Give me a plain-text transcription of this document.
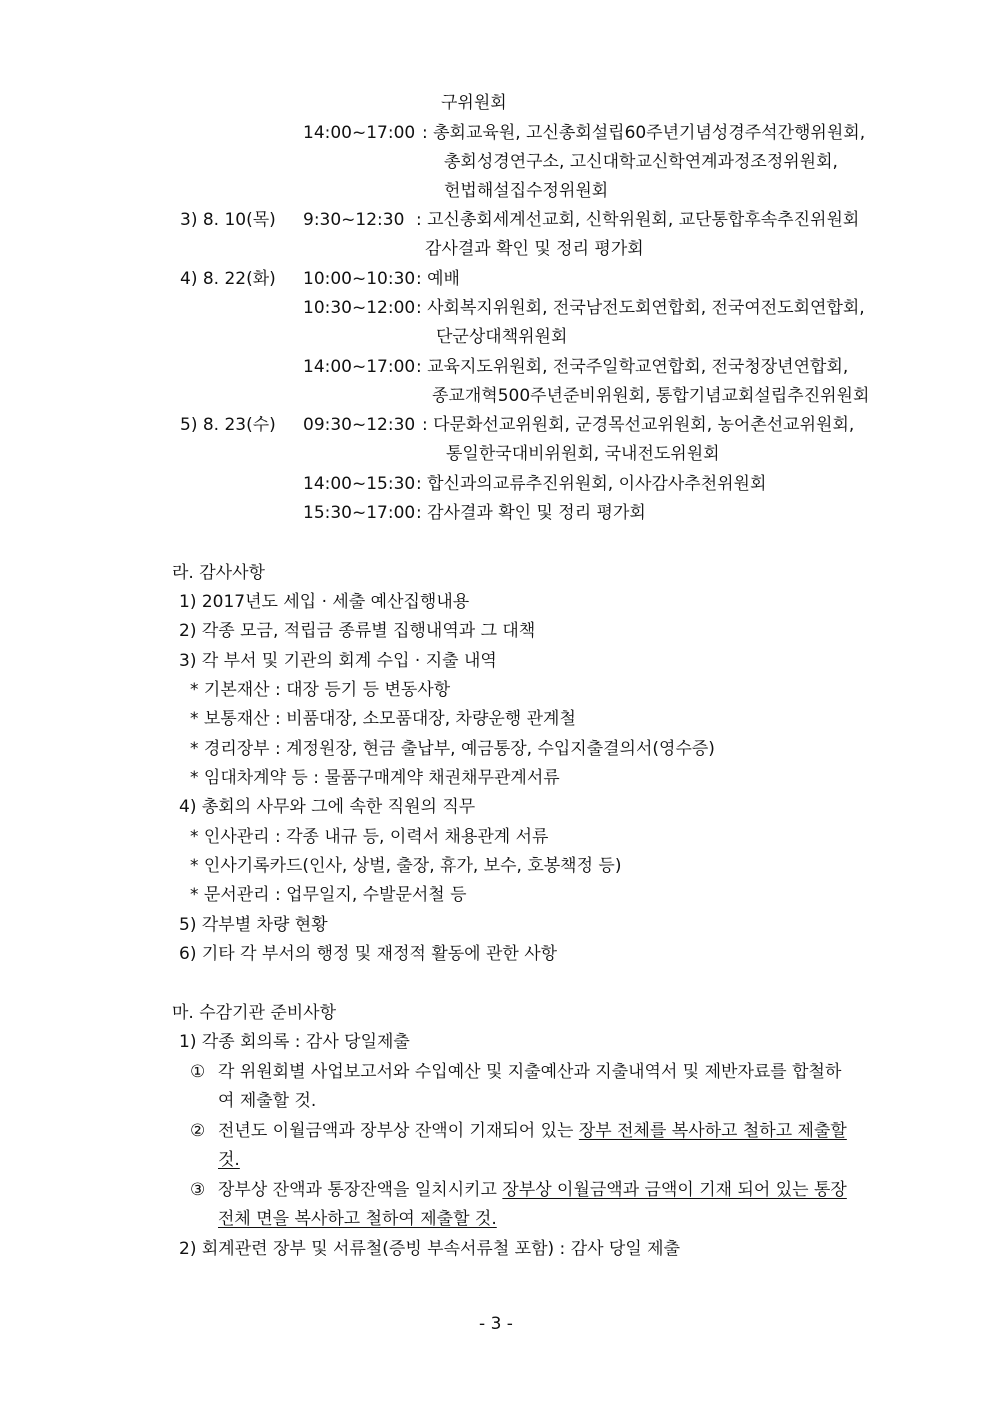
구위원회
14:00~17:00 : 총회교육원, 고신총회설립60주년기념성경주석간행위원회,
총회성경연구소, 고신대학교신학연계과정조정위원회,
헌법해설집수정위원회
3) 8. 10(목) 9:30~12:30 : 고신총회세계선교회, 신학위원회, 교단통합후속추진위원회
감사결과 확인 및 정리 평가회
4) 8. 22(화) 10:00~10:30 : 예배
10:30~12:00 : 사회복지위원회, 전국남전도회연합회, 전국여전도회연합회,
단군상대책위원회
14:00~17:00 : 교육지도위원회, 전국주일학교연합회, 전국청장년연합회,
종교개혁500주년준비위원회, 통합기념교회설립추진위원회
5) 8. 23(수) 09:30~12:30 : 다문화선교위원회, 군경목선교위원회, 농어촌선교위원회,
통일한국대비위원회, 국내전도위원회
14:00~15:30 : 합신과의교류추진위원회, 이사감사추천위원회
15:30~17:00 : 감사결과 확인 및 정리 평가회
라. 감사사항
1) 2017년도 세입 · 세출 예산집행내용
2) 각종 모금, 적립금 종류별 집행내역과 그 대책
3) 각 부서 및 기관의 회계 수입 · 지출 내역
* 기본재산 : 대장 등기 등 변동사항
* 보통재산 : 비품대장, 소모품대장, 차량운행 관계철
* 경리장부 : 계정원장, 현금 출납부, 예금통장, 수입지출결의서(영수증)
* 임대차계약 등 : 물품구매계약 채권채무관계서류
4) 총회의 사무와 그에 속한 직원의 직무
* 인사관리 : 각종 내규 등, 이력서 채용관계 서류
* 인사기록카드(인사, 상벌, 출장, 휴가, 보수, 호봉책정 등)
* 문서관리 : 업무일지, 수발문서철 등
5) 각부별 차량 현황
6) 기타 각 부서의 행정 및 재정적 활동에 관한 사항
마. 수감기관 준비사항
1) 각종 회의록 : 감사 당일제출
① 각 위원회별 사업보고서와 수입예산 및 지출예산과 지출내역서 및 제반자료를 합철하
여 제출할 것.
② 전년도 이월금액과 장부상 잔액이 기재되어 있는 장부 전체를 복사하고 철하고 제출할
것.
③ 장부상 잔액과 통장잔액을 일치시키고 장부상 이월금액과 금액이 기재 되어 있는 통장
전체 면을 복사하고 철하여 제출할 것.
2) 회계관련 장부 및 서류철(증빙 부속서류철 포함) : 감사 당일 제출
- 3 -
